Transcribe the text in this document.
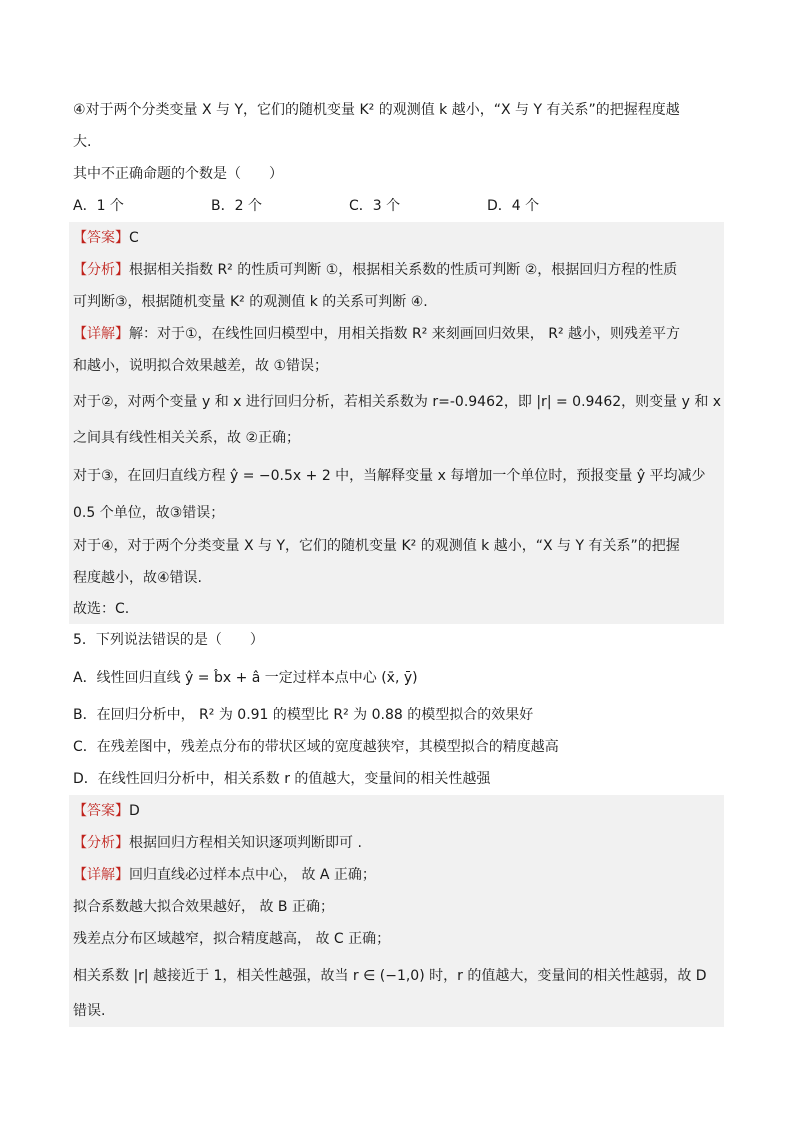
④对于两个分类变量 X 与 Y，它们的随机变量 K² 的观测值 k 越小，“X 与 Y 有关系”的把握程度越
大.
其中不正确命题的个数是（　　）
A．1 个	B．2 个	C．3 个	D．4 个
【答案】C
【分析】根据相关指数 R² 的性质可判断 ①，根据相关系数的性质可判断 ②，根据回归方程的性质
可判断③，根据随机变量 K² 的观测值 k 的关系可判断 ④.
【详解】解：对于①，在线性回归模型中，用相关指数 R² 来刻画回归效果， R² 越小，则残差平方
和越小，说明拟合效果越差，故 ①错误；
对于②，对两个变量 y 和 x 进行回归分析，若相关系数为 r=-0.9462，即 |r| = 0.9462，则变量 y 和 x
之间具有线性相关关系，故 ②正确；
对于③，在回归直线方程 ŷ = −0.5x + 2 中，当解释变量 x 每增加一个单位时，预报变量 ŷ 平均减少
0.5 个单位，故③错误；
对于④，对于两个分类变量 X 与 Y，它们的随机变量 K² 的观测值 k 越小，“X 与 Y 有关系”的把握
程度越小，故④错误.
故选：C.
5．下列说法错误的是（　　）
A．线性回归直线 ŷ = b̂x + â 一定过样本点中心 (x̄, ȳ)
B．在回归分析中， R² 为 0.91 的模型比 R² 为 0.88 的模型拟合的效果好
C．在残差图中，残差点分布的带状区域的宽度越狭窄，其模型拟合的精度越高
D．在线性回归分析中，相关系数 r 的值越大，变量间的相关性越强
【答案】D
【分析】根据回归方程相关知识逐项判断即可 .
【详解】回归直线必过样本点中心， 故 A 正确；
拟合系数越大拟合效果越好， 故 B 正确；
残差点分布区域越窄，拟合精度越高， 故 C 正确；
相关系数 |r| 越接近于 1，相关性越强，故当 r ∈ (−1,0) 时，r 的值越大，变量间的相关性越弱，故 D
错误.
